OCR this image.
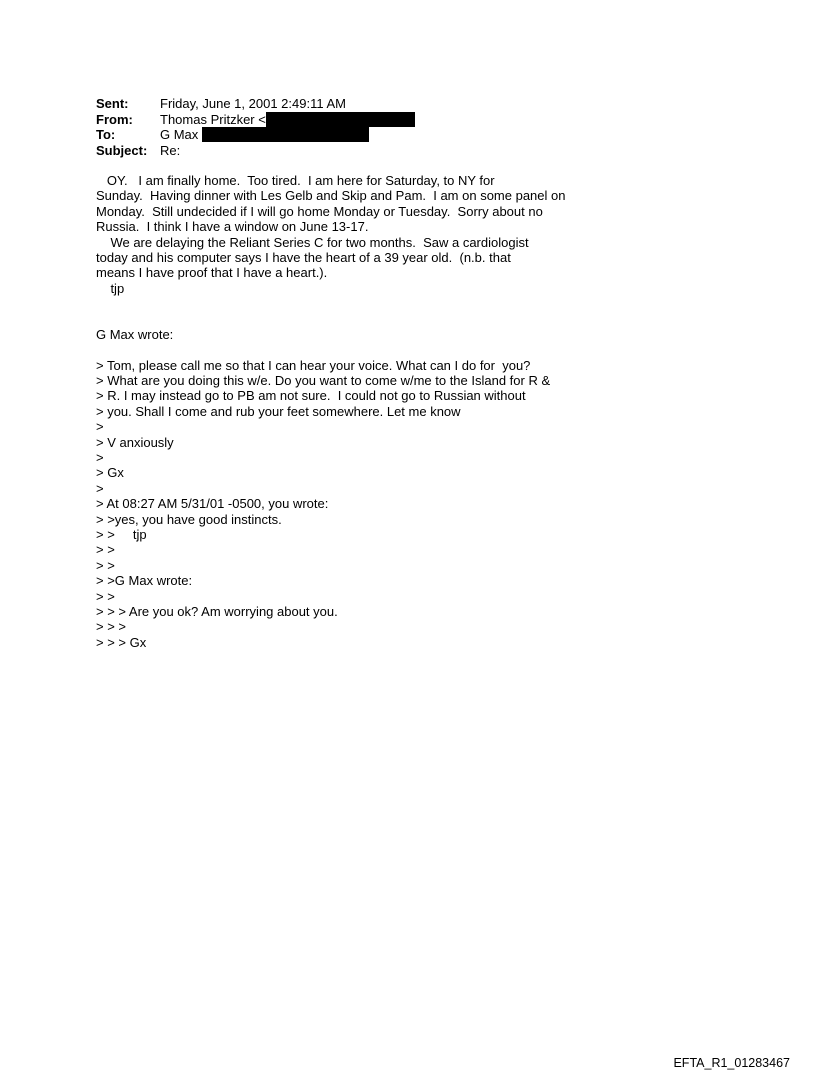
Sent: Friday, June 1, 2001 2:49:11 AM
From: Thomas Pritzker <
To:	G Max
Subject: Re:
OY.   I am finally home.  Too tired.  I am here for Saturday, to NY for
Sunday.  Having dinner with Les Gelb and Skip and Pam.  I am on some panel on
Monday.  Still undecided if I will go home Monday or Tuesday.  Sorry about no
Russia.  I think I have a window on June 13-17.
We are delaying the Reliant Series C for two months.  Saw a cardiologist
today and his computer says I have the heart of a 39 year old.  (n.b. that
means I have proof that I have a heart.).
tjp
G Max wrote:
> Tom, please call me so that I can hear your voice. What can I do for  you?
> What are you doing this w/e. Do you want to come w/me to the Island for R &
> R. I may instead go to PB am not sure.  I could not go to Russian without
> you. Shall I come and rub your feet somewhere. Let me know
>
> V anxiously
>
> Gx
>
> At 08:27 AM 5/31/01 -0500, you wrote:
> >yes, you have good instincts.
> >     tjp
> >
> >
> >G Max wrote:
> >
> > > Are you ok? Am worrying about you.
> > >
> > > Gx
EFTA_R1_01283467
